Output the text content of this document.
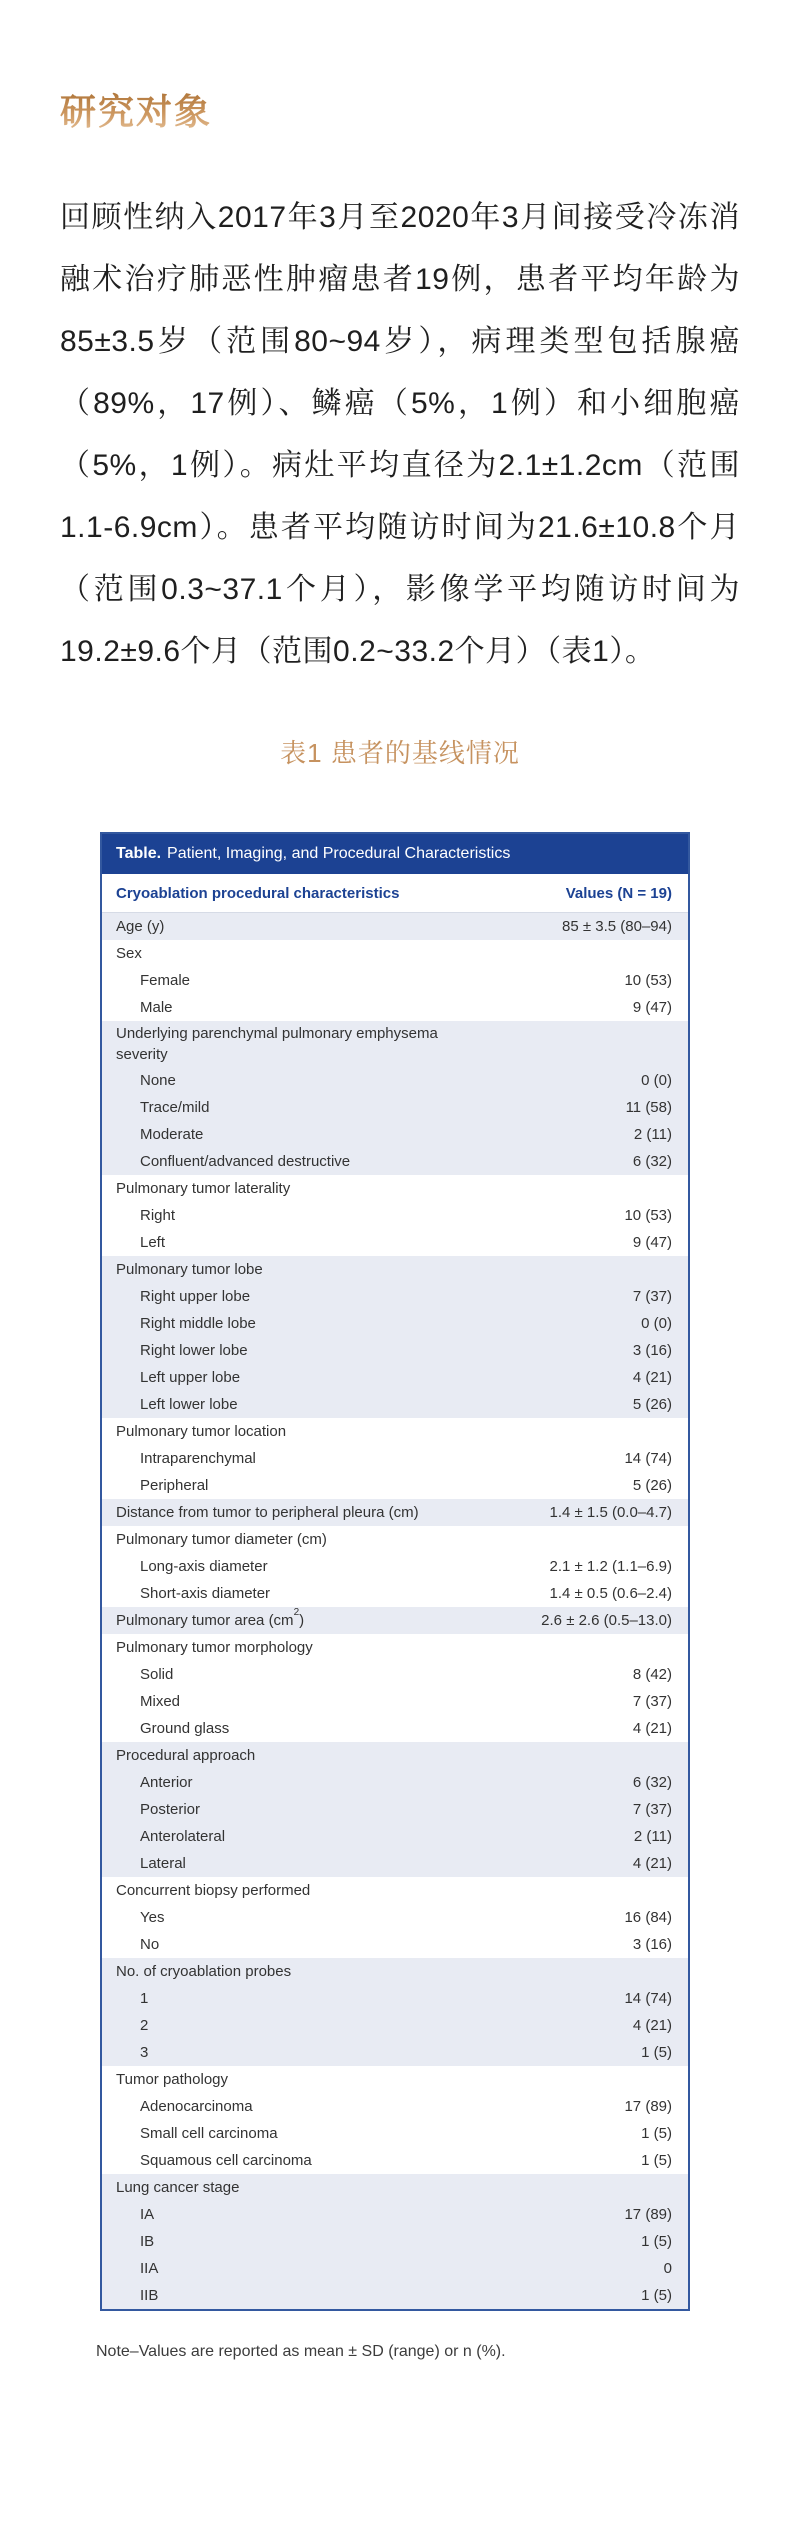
研究对象

回顾性纳入2017年3月至2020年3月间接受冷冻消融术治疗肺恶性肿瘤患者19例，患者平均年龄为85±3.5岁（范围80~94岁），病理类型包括腺癌（89%，17例）、鳞癌（5%，1例）和小细胞癌（5%，1例）。病灶平均直径为2.1±1.2cm（范围1.1-6.9cm）。患者平均随访时间为21.6±10.8个月（范围0.3~37.1个月），影像学平均随访时间为19.2±9.6个月（范围0.2~33.2个月）（表1）。

表1 患者的基线情况
Table. Patient, Imaging, and Procedural Characteristics
Cryoablation procedural characteristics	Values (N = 19)
Age (y)	85 ± 3.5 (80–94)
Sex
Female	10 (53)
Male	9 (47)
Underlying parenchymal pulmonary emphysema
severity
None	0 (0)
Trace/mild	11 (58)
Moderate	2 (11)
Confluent/advanced destructive	6 (32)
Pulmonary tumor laterality
Right	10 (53)
Left	9 (47)
Pulmonary tumor lobe
Right upper lobe	7 (37)
Right middle lobe	0 (0)
Right lower lobe	3 (16)
Left upper lobe	4 (21)
Left lower lobe	5 (26)
Pulmonary tumor location
Intraparenchymal	14 (74)
Peripheral	5 (26)
Distance from tumor to peripheral pleura (cm)	1.4 ± 1.5 (0.0–4.7)
Pulmonary tumor diameter (cm)
Long-axis diameter	2.1 ± 1.2 (1.1–6.9)
Short-axis diameter	1.4 ± 0.5 (0.6–2.4)
Pulmonary tumor area $(cm^2)$	2.6 ± 2.6 (0.5–13.0)
Pulmonary tumor morphology
Solid	8 (42)
Mixed	7 (37)
Ground glass	4 (21)
Procedural approach
Anterior	6 (32)
Posterior	7 (37)
Anterolateral	2 (11)
Lateral	4 (21)
Concurrent biopsy performed
Yes	16 (84)
No	3 (16)
No. of cryoablation probes
1	14 (74)
2	4 (21)
3	1 (5)
Tumor pathology
Adenocarcinoma	17 (89)
Small cell carcinoma	1 (5)
Squamous cell carcinoma	1 (5)
Lung cancer stage
IA	17 (89)
IB	1 (5)
IIA	0
IIB	1 (5)
Note–Values are reported as mean ± SD (range) or n (%).
